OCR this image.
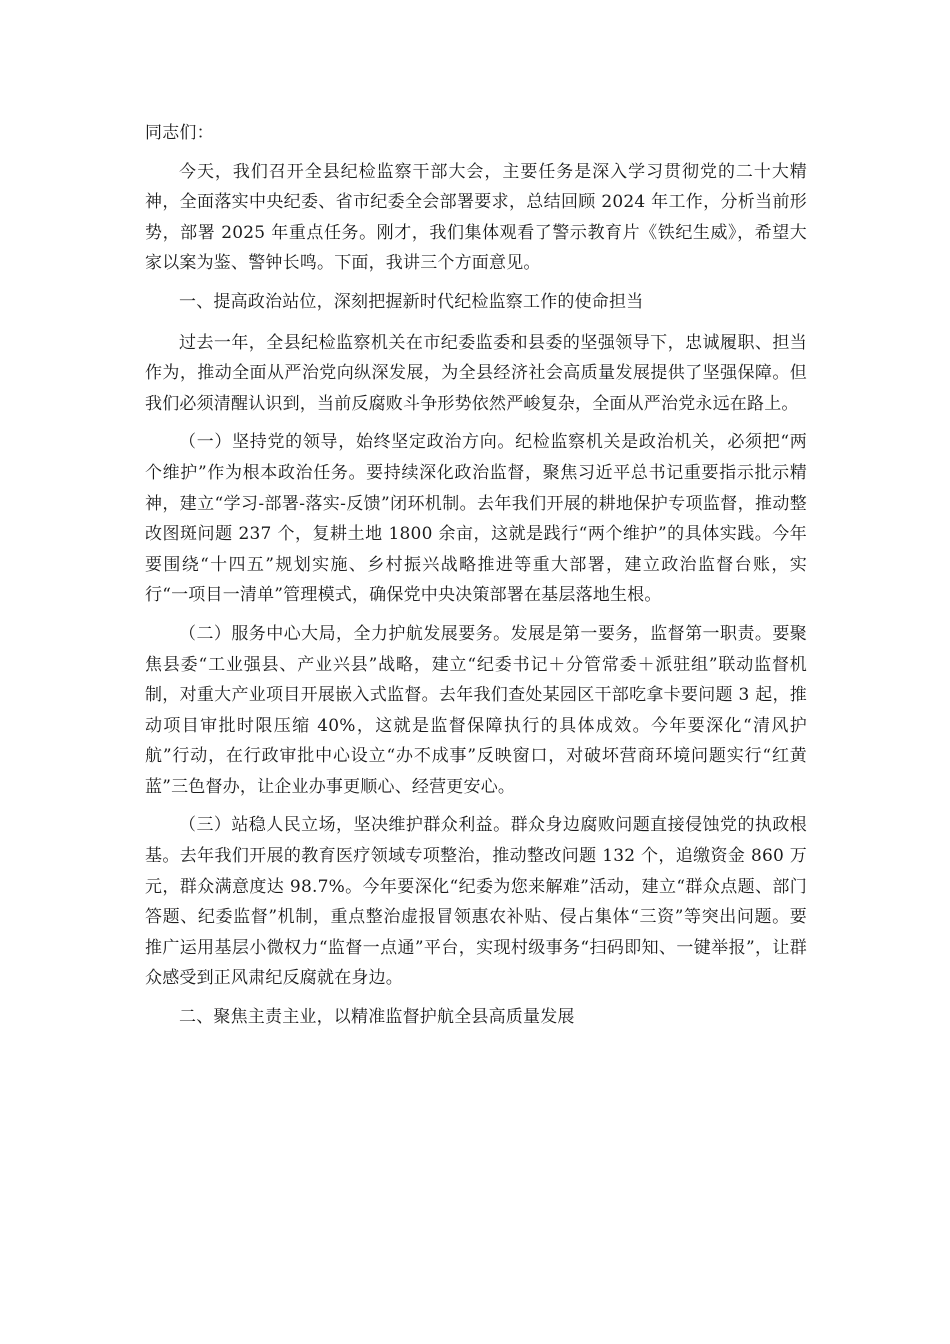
同志们：

今天，我们召开全县纪检监察干部大会，主要任务是深入学习贯彻党的二十大精神，全面落实中央纪委、省市纪委全会部署要求，总结回顾 2024 年工作，分析当前形势，部署 2025 年重点任务。刚才，我们集体观看了警示教育片《铁纪生威》，希望大家以案为鉴、警钟长鸣。下面，我讲三个方面意见。

一、提高政治站位，深刻把握新时代纪检监察工作的使命担当

过去一年，全县纪检监察机关在市纪委监委和县委的坚强领导下，忠诚履职、担当作为，推动全面从严治党向纵深发展，为全县经济社会高质量发展提供了坚强保障。但我们必须清醒认识到，当前反腐败斗争形势依然严峻复杂，全面从严治党永远在路上。

（一）坚持党的领导，始终坚定政治方向。纪检监察机关是政治机关，必须把“两个维护”作为根本政治任务。要持续深化政治监督，聚焦习近平总书记重要指示批示精神，建立“学习-部署-落实-反馈”闭环机制。去年我们开展的耕地保护专项监督，推动整改图斑问题 237 个，复耕土地 1800 余亩，这就是践行“两个维护”的具体实践。今年要围绕“十四五”规划实施、乡村振兴战略推进等重大部署，建立政治监督台账，实行“一项目一清单”管理模式，确保党中央决策部署在基层落地生根。

（二）服务中心大局，全力护航发展要务。发展是第一要务，监督第一职责。要聚焦县委“工业强县、产业兴县”战略，建立“纪委书记＋分管常委＋派驻组”联动监督机制，对重大产业项目开展嵌入式监督。去年我们查处某园区干部吃拿卡要问题 3 起，推动项目审批时限压缩 40%，这就是监督保障执行的具体成效。今年要深化“清风护航”行动，在行政审批中心设立“办不成事”反映窗口，对破坏营商环境问题实行“红黄蓝”三色督办，让企业办事更顺心、经营更安心。

（三）站稳人民立场，坚决维护群众利益。群众身边腐败问题直接侵蚀党的执政根基。去年我们开展的教育医疗领域专项整治，推动整改问题 132 个，追缴资金 860 万元，群众满意度达 98.7%。今年要深化“纪委为您来解难”活动，建立“群众点题、部门答题、纪委监督”机制，重点整治虚报冒领惠农补贴、侵占集体“三资”等突出问题。要推广运用基层小微权力“监督一点通”平台，实现村级事务“扫码即知、一键举报”，让群众感受到正风肃纪反腐就在身边。

二、聚焦主责主业，以精准监督护航全县高质量发展
